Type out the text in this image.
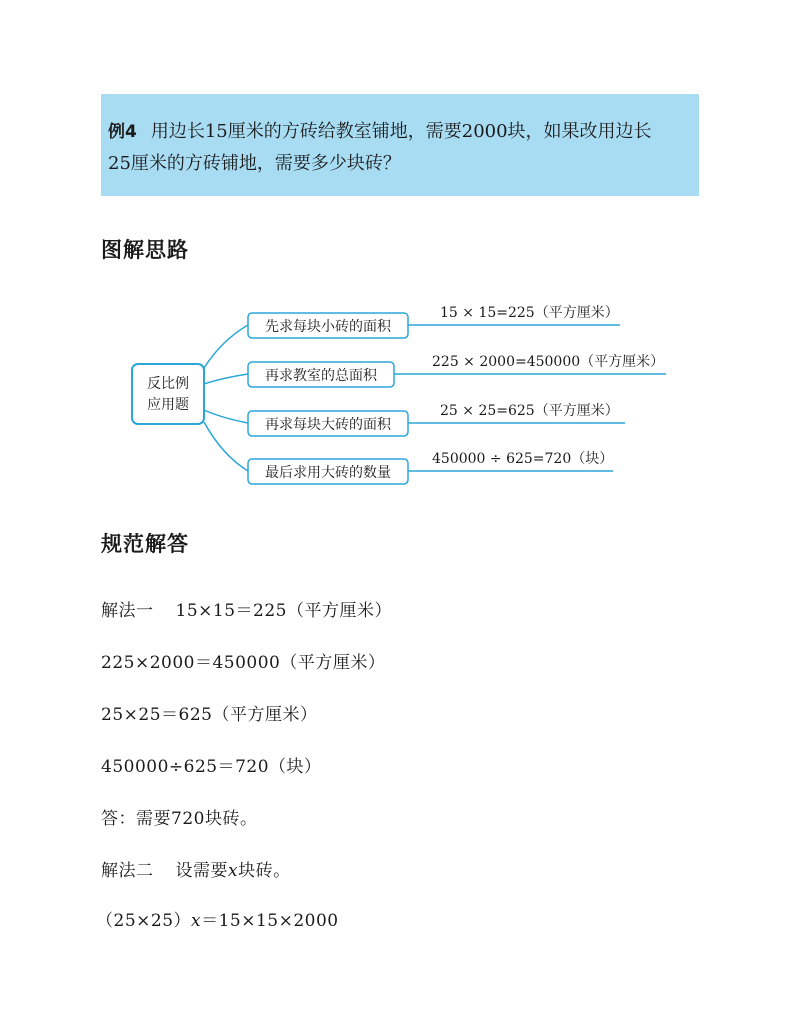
例4 用边长15厘米的方砖给教室铺地，需要2000块，如果改用边长
25厘米的方砖铺地，需要多少块砖？
图解思路
反比例
应用题
先求每块小砖的面积
15 × 15=225（平方厘米）
再求教室的总面积
225 × 2000=450000（平方厘米）
再求每块大砖的面积
25 × 25=625（平方厘米）
最后求用大砖的数量
450000 ÷ 625=720（块）
规范解答
解法一 15×15＝225（平方厘米）
225×2000＝450000（平方厘米）
25×25＝625（平方厘米）
450000÷625＝720（块）
答：需要720块砖。
解法二 设需要x块砖。
（25×25）x＝15×15×2000
